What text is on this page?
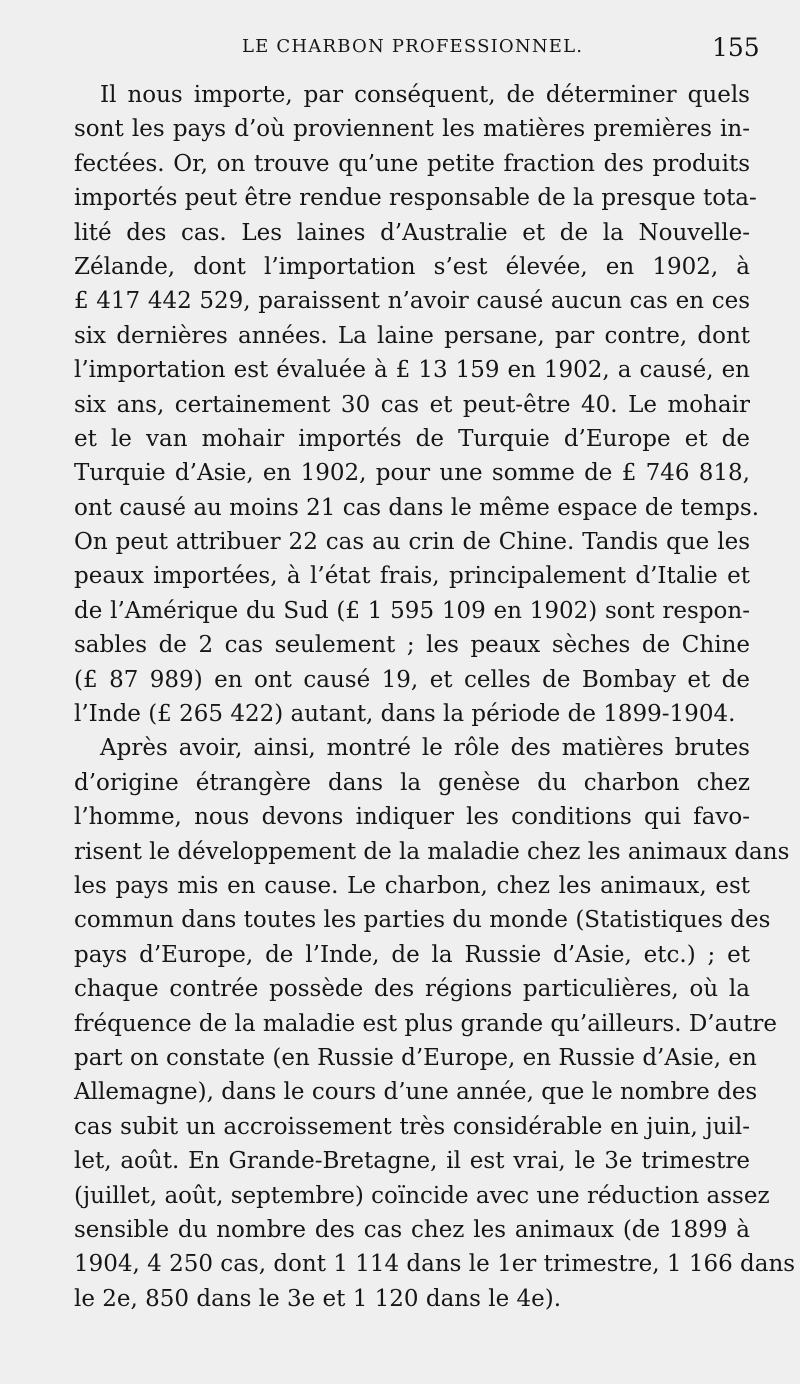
LE CHARBON PROFESSIONNEL.	155
Il nous importe, par conséquent, de déterminer quels
sont les pays d’où proviennent les matières premières in-
fectées. Or, on trouve qu’une petite fraction des produits
importés peut être rendue responsable de la presque tota-
lité des cas. Les laines d’Australie et de la Nouvelle-
Zélande, dont l’importation s’est élevée, en 1902, à
£ 417 442 529, paraissent n’avoir causé aucun cas en ces
six dernières années. La laine persane, par contre, dont
l’importation est évaluée à £ 13 159 en 1902, a causé, en
six ans, certainement 30 cas et peut-être 40. Le mohair
et le van mohair importés de Turquie d’Europe et de
Turquie d’Asie, en 1902, pour une somme de £ 746 818,
ont causé au moins 21 cas dans le même espace de temps.
On peut attribuer 22 cas au crin de Chine. Tandis que les
peaux importées, à l’état frais, principalement d’Italie et
de l’Amérique du Sud (£ 1 595 109 en 1902) sont respon-
sables de 2 cas seulement ; les peaux sèches de Chine
(£ 87 989) en ont causé 19, et celles de Bombay et de
l’Inde (£ 265 422) autant, dans la période de 1899-1904.
Après avoir, ainsi, montré le rôle des matières brutes
d’origine étrangère dans la genèse du charbon chez
l’homme, nous devons indiquer les conditions qui favo-
risent le développement de la maladie chez les animaux dans
les pays mis en cause. Le charbon, chez les animaux, est
commun dans toutes les parties du monde (Statistiques des
pays d’Europe, de l’Inde, de la Russie d’Asie, etc.) ; et
chaque contrée possède des régions particulières, où la
fréquence de la maladie est plus grande qu’ailleurs. D’autre
part on constate (en Russie d’Europe, en Russie d’Asie, en
Allemagne), dans le cours d’une année, que le nombre des
cas subit un accroissement très considérable en juin, juil-
let, août. En Grande-Bretagne, il est vrai, le 3e trimestre
(juillet, août, septembre) coïncide avec une réduction assez
sensible du nombre des cas chez les animaux (de 1899 à
1904, 4 250 cas, dont 1 114 dans le 1er trimestre, 1 166 dans
le 2e, 850 dans le 3e et 1 120 dans le 4e).
